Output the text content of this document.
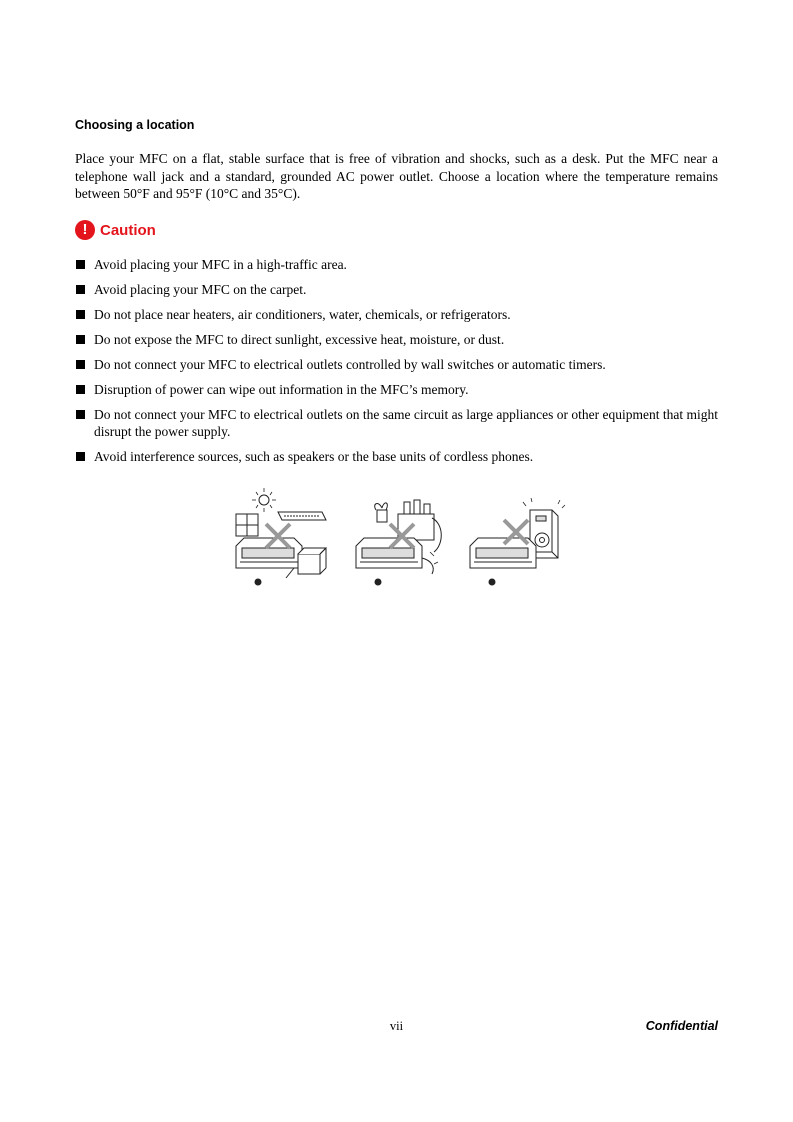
Choosing a location
Place your MFC on a flat, stable surface that is free of vibration and shocks, such as a desk. Put the MFC near a telephone wall jack and a standard, grounded AC power outlet. Choose a location where the temperature remains between 50°F and 95°F (10°C and 35°C).
! Caution
Avoid placing your MFC in a high-traffic area.
Avoid placing your MFC on the carpet.
Do not place near heaters, air conditioners, water, chemicals, or refrigerators.
Do not expose the MFC to direct sunlight, excessive heat, moisture, or dust.
Do not connect your MFC to electrical outlets controlled by wall switches or automatic timers.
Disruption of power can wipe out information in the MFC’s memory.
Do not connect your MFC to electrical outlets on the same circuit as large appliances or other equipment that might disrupt the power supply.
Avoid interference sources, such as speakers or the base units of cordless phones.
vii	Confidential
